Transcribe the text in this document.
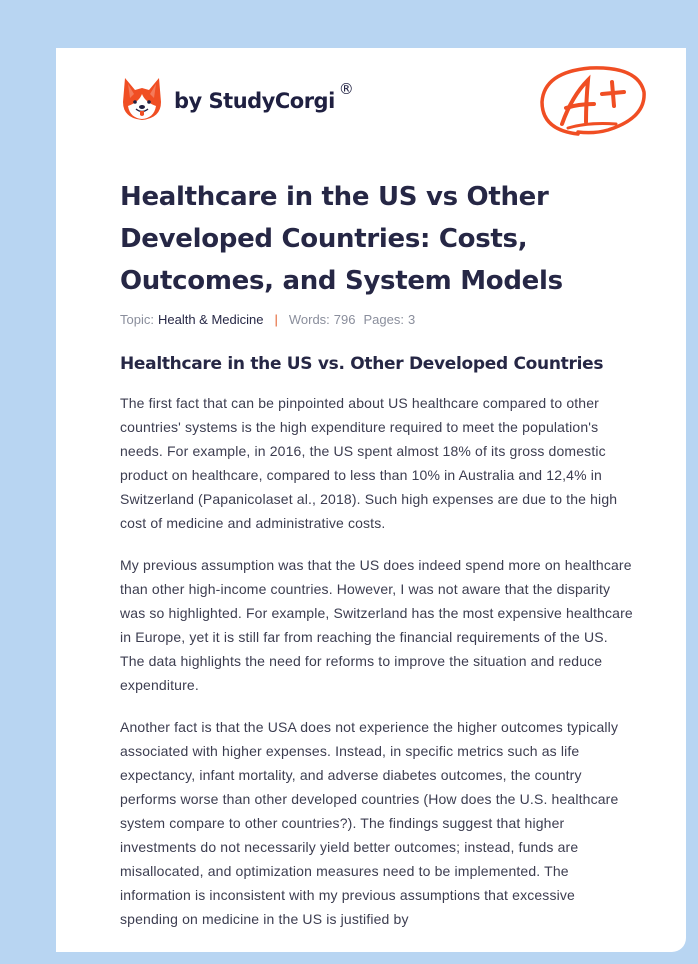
by StudyCorgi ®
Healthcare in the US vs Other Developed Countries: Costs, Outcomes, and System Models
Topic: Health & Medicine | Words: 796 Pages: 3
Healthcare in the US vs. Other Developed Countries

The first fact that can be pinpointed about US healthcare compared to other countries' systems is the high expenditure required to meet the population's needs. For example, in 2016, the US spent almost 18% of its gross domestic product on healthcare, compared to less than 10% in Australia and 12,4% in Switzerland (Papanicolaset al., 2018). Such high expenses are due to the high cost of medicine and administrative costs.

My previous assumption was that the US does indeed spend more on healthcare than other high-income countries. However, I was not aware that the disparity was so highlighted. For example, Switzerland has the most expensive healthcare in Europe, yet it is still far from reaching the financial requirements of the US. The data highlights the need for reforms to improve the situation and reduce expenditure.

Another fact is that the USA does not experience the higher outcomes typically associated with higher expenses. Instead, in specific metrics such as life expectancy, infant mortality, and adverse diabetes outcomes, the country performs worse than other developed countries (How does the U.S. healthcare system compare to other countries?). The findings suggest that higher investments do not necessarily yield better outcomes; instead, funds are misallocated, and optimization measures need to be implemented. The information is inconsistent with my previous assumptions that excessive spending on medicine in the US is justified by
